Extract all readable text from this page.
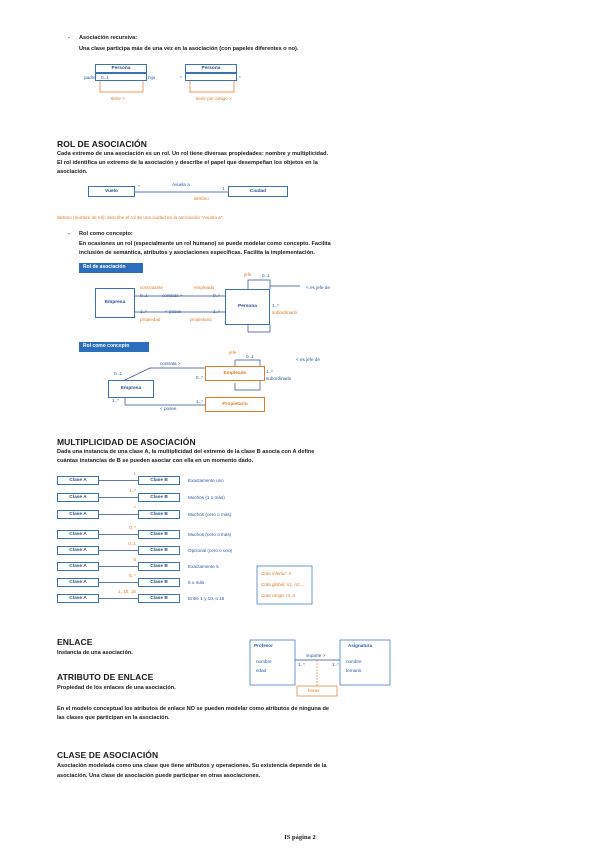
- Asociación recursiva:
Una clase participa más de una vez en la asociación (con papeles diferentes o no).
Persona	Persona
padre 0..1	hijo
tiene >
*	*
tiene por amigo >
ROL DE ASOCIACIÓN
Cada extremo de una asociación es un rol. Un rol tiene diversas propiedades: nombre y multiplicidad.
El rol identifica un extremo de la asociación y describe el papel que desempeñan los objetos en la
asociación.
Vuelo	Ciudad
*	Avuela a
1
destino
destino (nombre de rol): describe el rol de una ciudad en la asociación "Avuela a"
- Rol como concepto:
En ocasiones un rol (especialmente un rol humano) se puede modelar como concepto. Facilita
inclusión de semántica, atributos y asociaciones específicas. Facilita la implementación.
Rol de asociación
Empresa
Persona
contratante	empleado
0..1	contrata >	0..*
1..*	< posee	1..*
propiedad	propietario
jefe 0..1
< es jefe de
1..*
subordinado
Rol como concepto
Empresa
Empleado
Propietario
contrata >
0..1
0..*
jefe
0..1
< es jefe de
1..*
subordinado
1..*
< posee
1..*
MULTIPLICIDAD DE ASOCIACIÓN
Dada una instancia de una clase A, la multiplicidad del extremo de la clase B asocia con A define
cuántas instancias de B se pueden asociar con ella en un momento dado.
Clase A	Clase B
1
Exactamente uno
Clase A	Clase B
1..*
Muchos (1 o más)
Clase A	Clase B
*
Muchos (cero o más)
Clase A	Clase B
0..*
Muchos (cero o más)
Clase A	Clase B
0..1
Opcional (cero o uno)
Clase A	Clase B
5
Exactamente 5
Clase A	Clase B
5..*
5 o más
Clase A	Clase B
1, 10, 15
Entre 1 y 10, o 15
Cota inferior: n
Cota global: n1, n2, ...
Cota rango: m..n
ENLACE
Instancia de una asociación.
Profesor	Asignatura
nombre
edad
nombre
temario
imparte >
1..*	1..*
horas
ATRIBUTO DE ENLACE
Propiedad de los enlaces de una asociación.
En el modelo conceptual los atributos de enlace NO se pueden modelar como atributos de ninguna de
las clases que participan en la asociación.
CLASE DE ASOCIACIÓN
Asociación modelada como una clase que tiene atributos y operaciones. Su existencia depende de la
asociación. Una clase de asociación puede participar en otras asociaciones.
IS página 2
